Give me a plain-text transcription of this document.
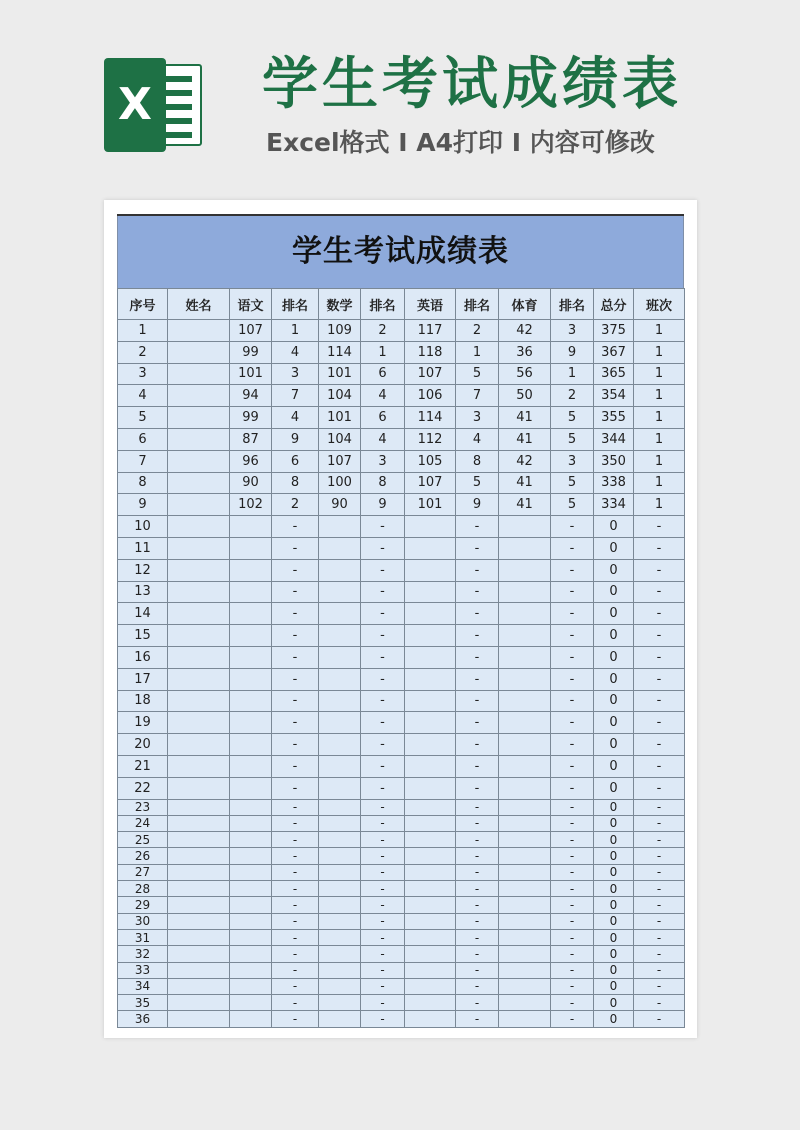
X 学生考试成绩表
Excel格式 I A4打印 I 内容可修改
学生考试成绩表
序号	姓名	语文	排名	数学	排名	英语	排名	体育	排名	总分	班次
1		107	1	109	2	117	2	42	3	375	1
2		99	4	114	1	118	1	36	9	367	1
3		101	3	101	6	107	5	56	1	365	1
4		94	7	104	4	106	7	50	2	354	1
5		99	4	101	6	114	3	41	5	355	1
6		87	9	104	4	112	4	41	5	344	1
7		96	6	107	3	105	8	42	3	350	1
8		90	8	100	8	107	5	41	5	338	1
9		102	2	90	9	101	9	41	5	334	1
10			-		-		-		-	0	-
11			-		-		-		-	0	-
12			-		-		-		-	0	-
13			-		-		-		-	0	-
14			-		-		-		-	0	-
15			-		-		-		-	0	-
16			-		-		-		-	0	-
17			-		-		-		-	0	-
18			-		-		-		-	0	-
19			-		-		-		-	0	-
20			-		-		-		-	0	-
21			-		-		-		-	0	-
22			-		-		-		-	0	-
23			-		-		-		-	0	-
24			-		-		-		-	0	-
25			-		-		-		-	0	-
26			-		-		-		-	0	-
27			-		-		-		-	0	-
28			-		-		-		-	0	-
29			-		-		-		-	0	-
30			-		-		-		-	0	-
31			-		-		-		-	0	-
32			-		-		-		-	0	-
33			-		-		-		-	0	-
34			-		-		-		-	0	-
35			-		-		-		-	0	-
36			-		-		-		-	0	-
